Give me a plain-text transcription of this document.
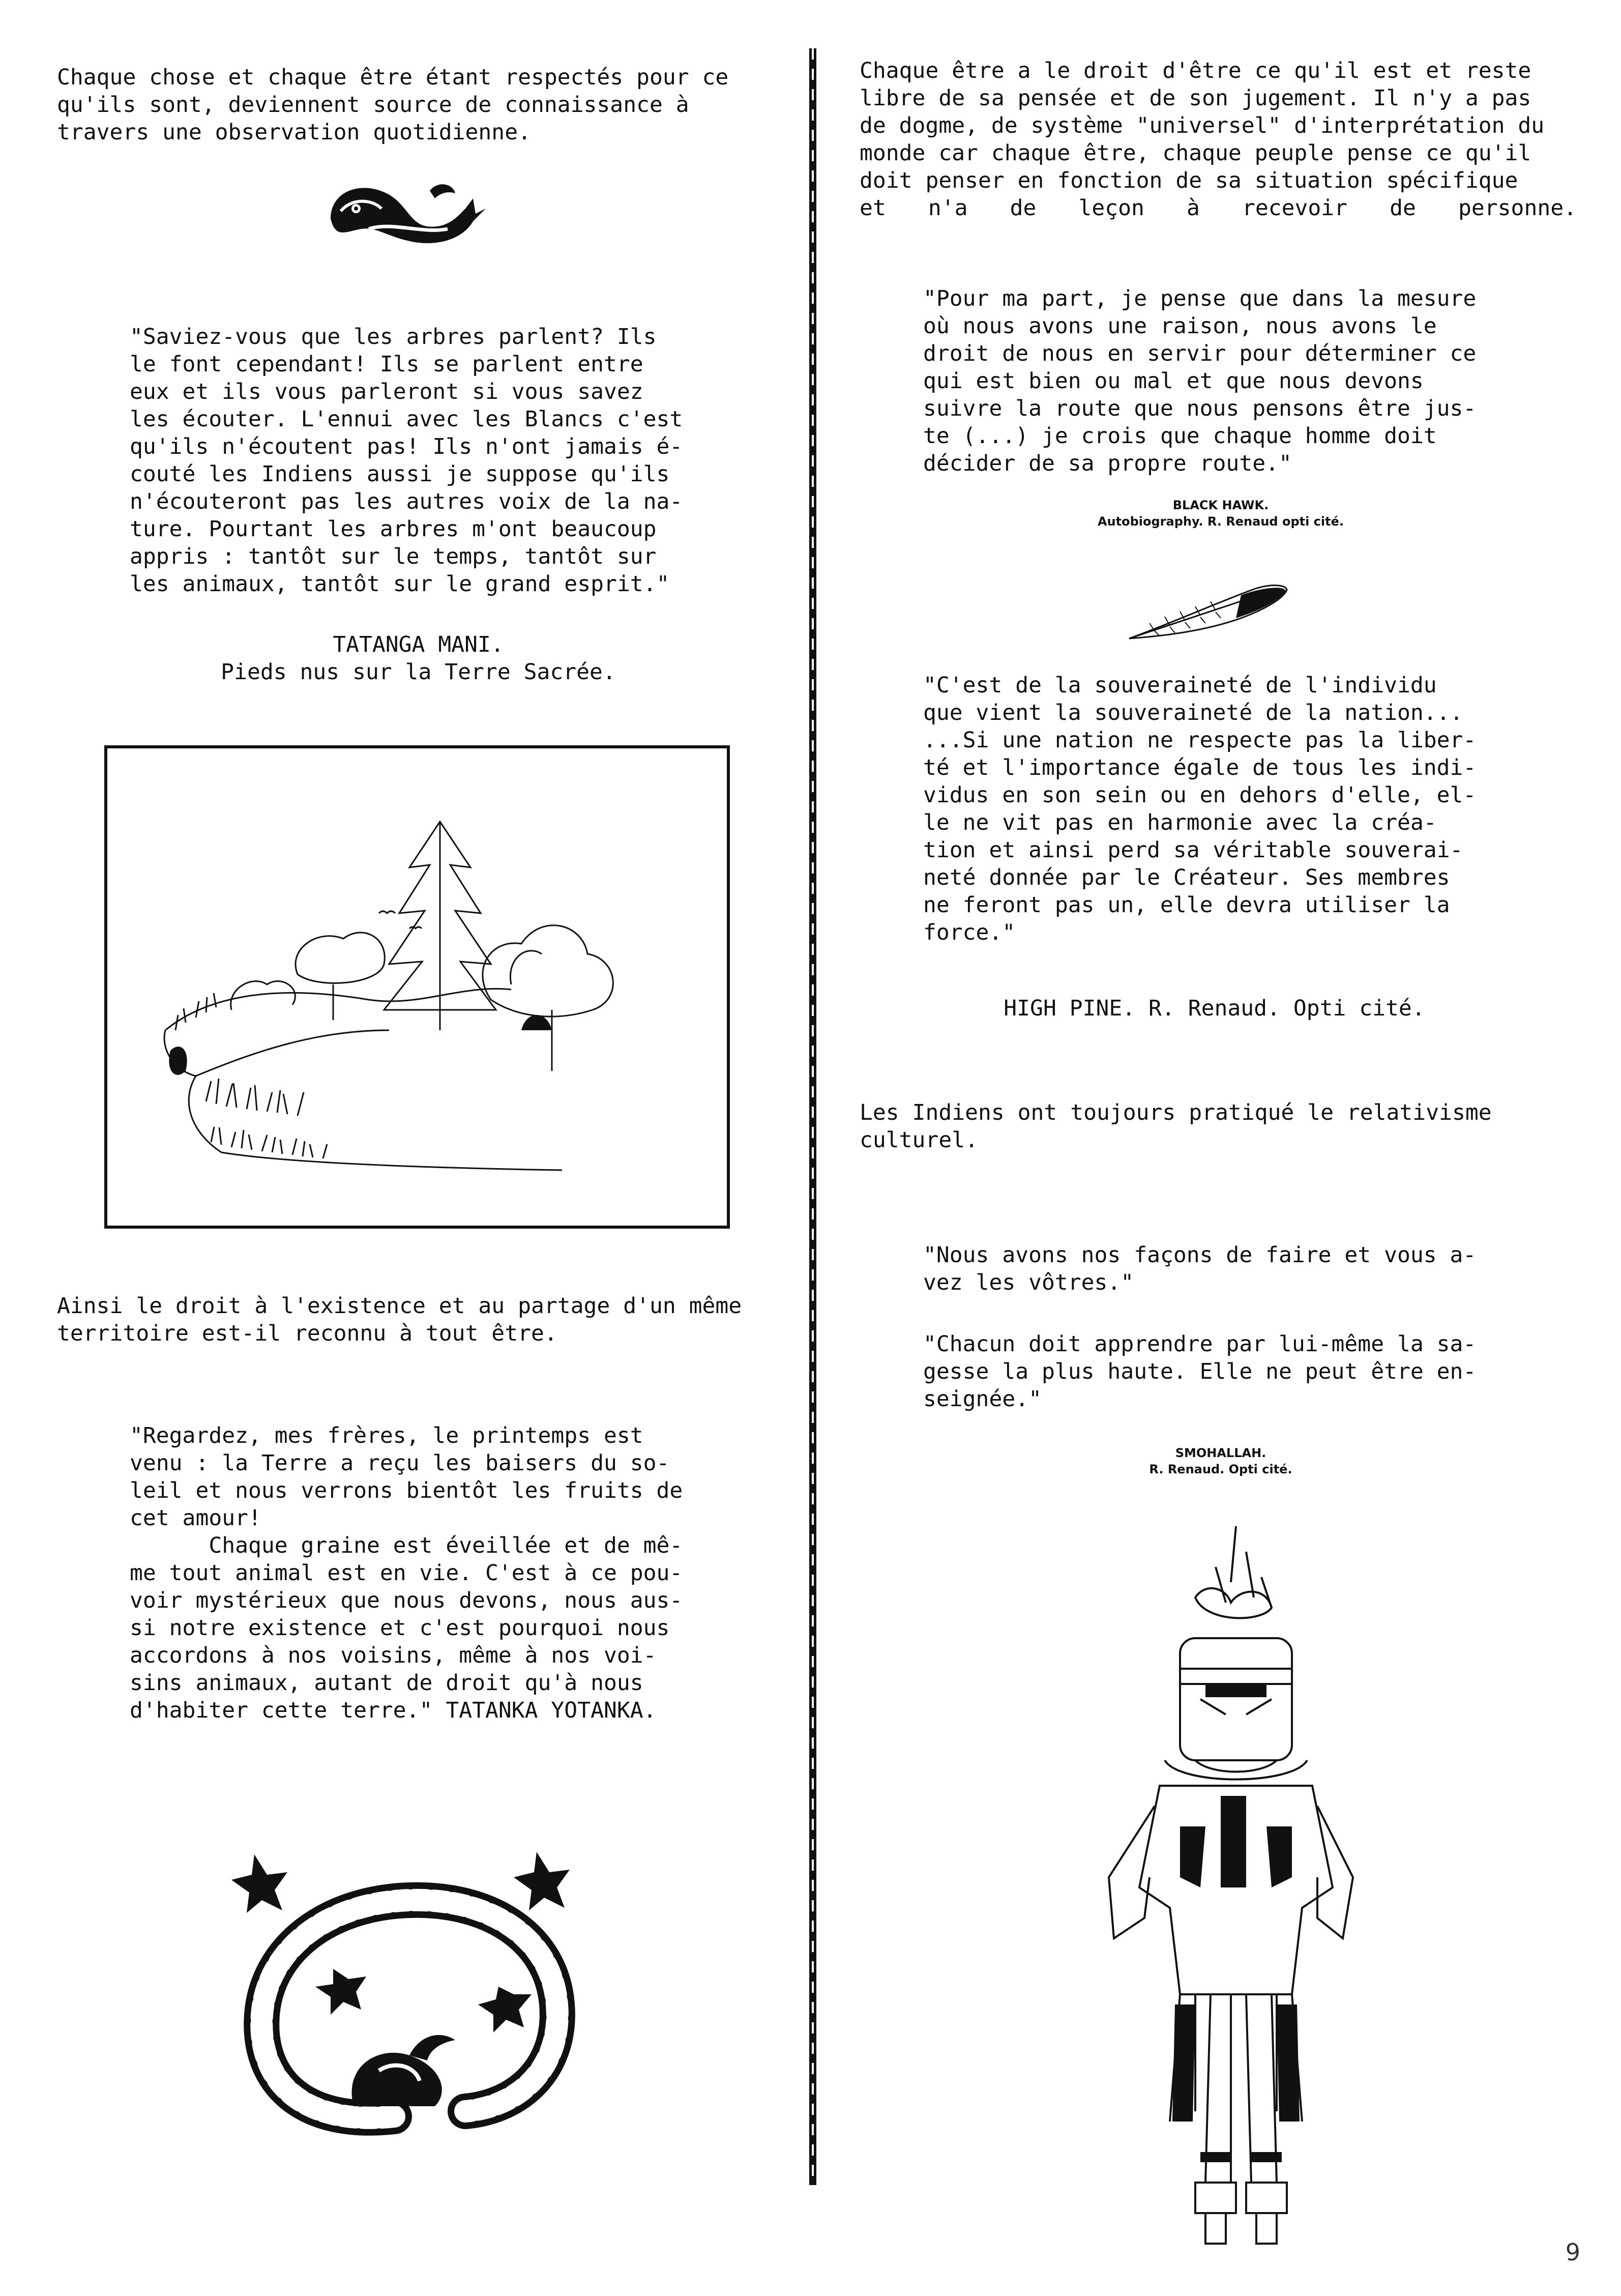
Chaque chose et chaque être étant respectés pour ce
qu'ils sont, deviennent source de connaissance à
travers une observation quotidienne.
"Saviez-vous que les arbres parlent? Ils
le font cependant! Ils se parlent entre
eux et ils vous parleront si vous savez
les écouter. L'ennui avec les Blancs c'est
qu'ils n'écoutent pas! Ils n'ont jamais é-
couté les Indiens aussi je suppose qu'ils
n'écouteront pas les autres voix de la na-
ture. Pourtant les arbres m'ont beaucoup
appris : tantôt sur le temps, tantôt sur
les animaux, tantôt sur le grand esprit."
TATANGA MANI.
Pieds nus sur la Terre Sacrée.
Ainsi le droit à l'existence et au partage d'un même
territoire est-il reconnu à tout être.
"Regardez, mes frères, le printemps est
venu : la Terre a reçu les baisers du so-
leil et nous verrons bientôt les fruits de
cet amour!
Chaque graine est éveillée et de mê-
me tout animal est en vie. C'est à ce pou-
voir mystérieux que nous devons, nous aus-
si notre existence et c'est pourquoi nous
accordons à nos voisins, même à nos voi-
sins animaux, autant de droit qu'à nous
d'habiter cette terre." TATANKA YOTANKA.
Chaque être a le droit d'être ce qu'il est et reste
libre de sa pensée et de son jugement. Il n'y a pas
de dogme, de système "universel" d'interprétation du
monde car chaque être, chaque peuple pense ce qu'il
doit penser en fonction de sa situation spécifique
et n'a de leçon à recevoir de personne.
"Pour ma part, je pense que dans la mesure
où nous avons une raison, nous avons le
droit de nous en servir pour déterminer ce
qui est bien ou mal et que nous devons
suivre la route que nous pensons être jus-
te (...) je crois que chaque homme doit
décider de sa propre route."
BLACK HAWK.
Autobiography. R. Renaud opti cité.
"C'est de la souveraineté de l'individu
que vient la souveraineté de la nation...
...Si une nation ne respecte pas la liber-
té et l'importance égale de tous les indi-
vidus en son sein ou en dehors d'elle, el-
le ne vit pas en harmonie avec la créa-
tion et ainsi perd sa véritable souverai-
neté donnée par le Créateur. Ses membres
ne feront pas un, elle devra utiliser la
force."
HIGH PINE. R. Renaud. Opti cité.
Les Indiens ont toujours pratiqué le relativisme
culturel.
"Nous avons nos façons de faire et vous a-
vez les vôtres."
"Chacun doit apprendre par lui-même la sa-
gesse la plus haute. Elle ne peut être en-
seignée."
SMOHALLAH.
R. Renaud. Opti cité.
9
